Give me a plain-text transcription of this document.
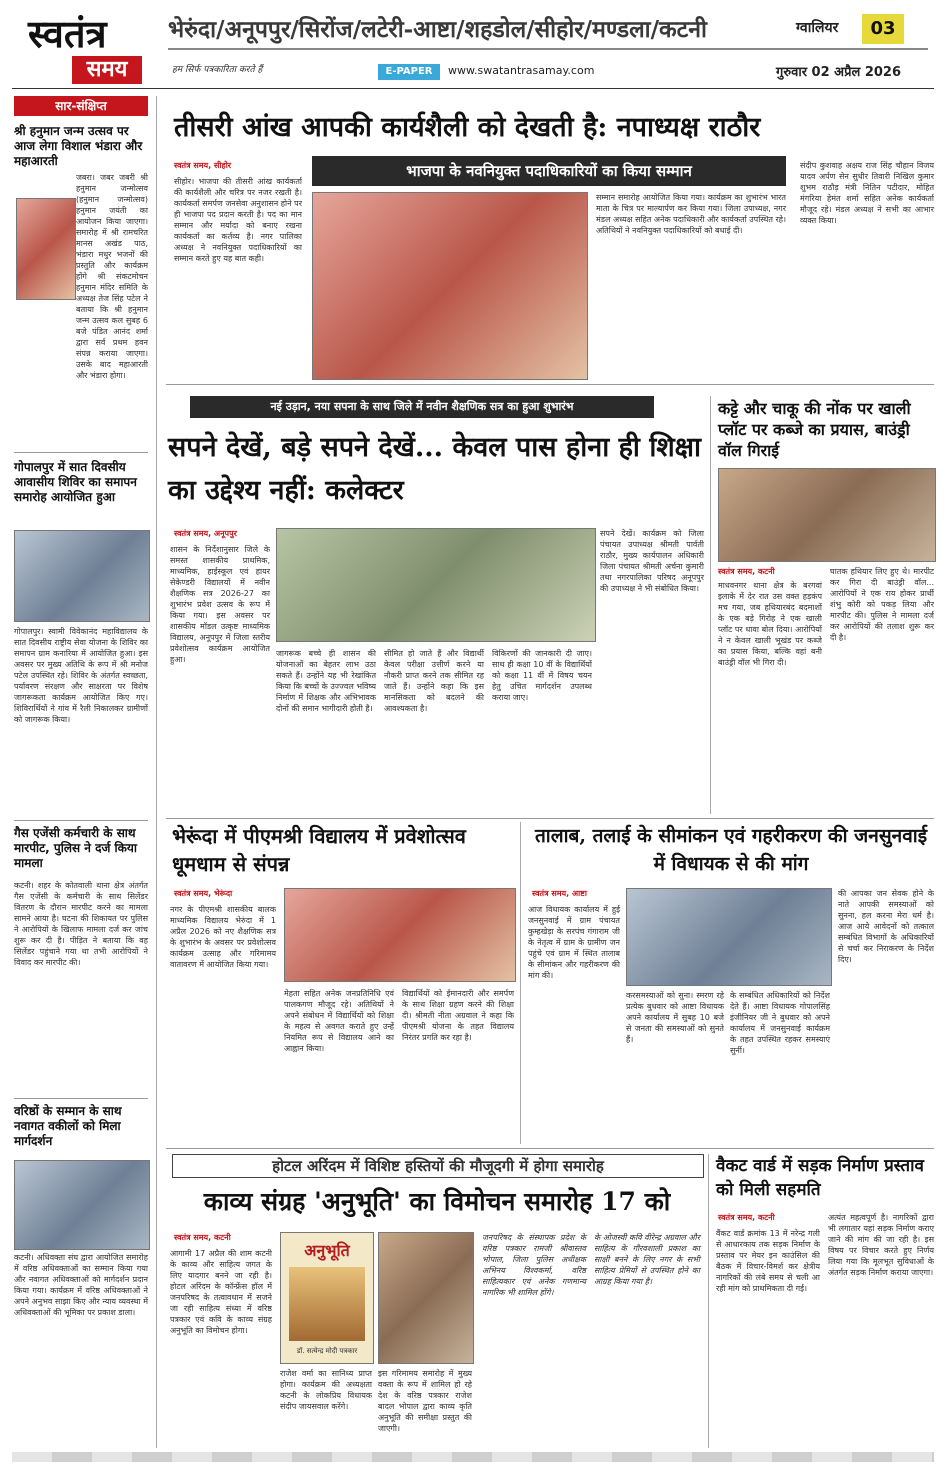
स्वतंत्र
समय
भेरुंदा/अनूपपुर/सिरोंज/लटेरी-आष्टा/शहडोल/सीहोर/मण्डला/कटनी	ग्वालियर	03
हम सिर्फ पत्रकारिता करते हैं	E-PAPER	www.swatantrasamay.com	गुरुवार 02 अप्रैल 2026
सार-संक्षिप्त
श्री हनुमान जन्म उत्सव पर आज लेगा विशाल भंडारा और महाआरती

जबरा। जबर जबरी श्री हनुमान जन्मोत्सव (हनुमान जन्मोत्सव) हनुमान जयंती का आयोजन किया जाएगा। समारोह में श्री रामचरित मानस अखंड पाठ, भंडारा मधुर भजनों की प्रस्तुति और कार्यक्रम होंगे श्री संकटमोचन हनुमान मंदिर समिति के अध्यक्ष तेज सिंह पटेल ने बताया कि श्री हनुमान जन्म उत्सव कल सुबह 6 बजे पंडित आनंद शर्मा द्वारा सर्व प्रथम हवन संपन्न कराया जाएगा। उसके बाद महाआरती और भंडारा होगा।

गोपालपुर में सात दिवसीय आवासीय शिविर का समापन समारोह आयोजित हुआ
गोपालपुर। स्वामी विवेकानंद महाविद्यालय के सात दिवसीय राष्ट्रीय सेवा योजना के शिविर का समापन ग्राम कनारिया में आयोजित हुआ। इस अवसर पर मुख्य अतिथि के रूप में श्री मनोज पटेल उपस्थित रहे। शिविर के अंतर्गत स्वच्छता, पर्यावरण संरक्षण और साक्षरता पर विशेष जागरूकता कार्यक्रम आयोजित किए गए। शिविरार्थियों ने गांव में रैली निकालकर ग्रामीणों को जागरूक किया।
गैस एजेंसी कर्मचारी के साथ मारपीट, पुलिस ने दर्ज किया मामला
कटनी। शहर के कोतवाली थाना क्षेत्र अंतर्गत गैस एजेंसी के कर्मचारी के साथ सिलेंडर वितरण के दौरान मारपीट करने का मामला सामने आया है। घटना की शिकायत पर पुलिस ने आरोपियों के खिलाफ मामला दर्ज कर जांच शुरू कर दी है। पीड़ित ने बताया कि वह सिलेंडर पहुंचाने गया था तभी आरोपियों ने विवाद कर मारपीट की।
वरिष्ठों के सम्मान के साथ नवागत वकीलों को मिला मार्गदर्शन
कटनी। अधिवक्ता संघ द्वारा आयोजित समारोह में वरिष्ठ अधिवक्ताओं का सम्मान किया गया और नवागत अधिवक्ताओं को मार्गदर्शन प्रदान किया गया। कार्यक्रम में वरिष्ठ अधिवक्ताओं ने अपने अनुभव साझा किए और न्याय व्यवस्था में अधिवक्ताओं की भूमिका पर प्रकाश डाला।
तीसरी आंख आपकी कार्यशैली को देखती है: नपाध्यक्ष राठौर
भाजपा के नवनियुक्त पदाधिकारियों का किया सम्मान
स्वतंत्र समय, सीहोर
सीहोर। भाजपा की तीसरी आंख कार्यकर्ता की कार्यशैली और चरित्र पर नजर रखती है। कार्यकर्ता समर्पण जनसेवा अनुशासन होने पर ही भाजपा पद प्रदान करती है। पद का मान सम्मान और मर्यादा को बनाए रखना कार्यकर्ता का कर्तव्य है। नगर पालिका अध्यक्ष ने नवनियुक्त पदाधिकारियों का सम्मान करते हुए यह बात कही।
सम्मान समारोह आयोजित किया गया। कार्यक्रम का शुभारंभ भारत माता के चित्र पर माल्यार्पण कर किया गया। जिला उपाध्यक्ष, नगर मंडल अध्यक्ष सहित अनेक पदाधिकारी और कार्यकर्ता उपस्थित रहे। अतिथियों ने नवनियुक्त पदाधिकारियों को बधाई दी।
संदीप कुशवाह अक्षय राज सिंह चौहान विजय यादव अर्पण सेन सुधीर तिवारी निखिल कुमार शुभम राठौड़ मंत्री नितिन पटीदार, मोहित मंगरिया हेमंत शर्मा सहित अनेक कार्यकर्ता मौजूद रहे। मंडल अध्यक्ष ने सभी का आभार व्यक्त किया।
नई उड़ान, नया सपना के साथ जिले में नवीन शैक्षणिक सत्र का हुआ शुभारंभ
सपने देखें, बड़े सपने देखें... केवल पास होना ही शिक्षा का उद्देश्य नहीं: कलेक्टर
स्वतंत्र समय, अनूपपुर
शासन के निर्देशानुसार जिले के समस्त शासकीय प्राथमिक, माध्यमिक, हाईस्कूल एवं हायर सेकेण्डरी विद्यालयों में नवीन शैक्षणिक सत्र 2026-27 का शुभारंभ प्रवेश उत्सव के रूप में किया गया। इस अवसर पर शासकीय मॉडल उत्कृष्ट माध्यमिक विद्यालय, अनूपपुर में जिला स्तरीय प्रवेशोत्सव कार्यक्रम आयोजित हुआ।
जागरूक बच्चे ही शासन की योजनाओं का बेहतर लाभ उठा सकते हैं। उन्होंने यह भी रेखांकित किया कि बच्चों के उज्ज्वल भविष्य निर्माण में शिक्षक और अभिभावक दोनों की समान भागीदारी होती है।
सीमित हो जाते हैं और विद्यार्थी केवल परीक्षा उत्तीर्ण करने या नौकरी प्राप्त करने तक सीमित रह जाते हैं। उन्होंने कहा कि इस मानसिकता को बदलने की आवश्यकता है।
विकिरणों की जानकारी दी जाए। साथ ही कक्षा 10 वीं के विद्यार्थियों को कक्षा 11 वीं में विषय चयन हेतु उचित मार्गदर्शन उपलब्ध कराया जाए।
सपने देखें। कार्यक्रम को जिला पंचायत उपाध्यक्ष श्रीमती पार्वती राठौर, मुख्य कार्यपालन अधिकारी जिला पंचायत श्रीमती अर्चना कुमारी तथा नगरपालिका परिषद अनूपपुर की उपाध्यक्ष ने भी संबोधित किया।
कट्टे और चाकू की नोंक पर खाली प्लॉट पर कब्जे का प्रयास, बाउंड्री वॉल गिराई
स्वतंत्र समय, कटनी
माधवनगर थाना क्षेत्र के बरगवां इलाके में देर रात उस वक्त हड़कंप मच गया, जब हथियारबंद बदमाशों के एक बड़े गिरोह ने एक खाली प्लॉट पर धावा बोल दिया। आरोपियों ने न केवल खाली भूखंड पर कब्जे का प्रयास किया, बल्कि वहां बनी बाउंड्री वॉल भी गिरा दी।
घातक हथियार लिए हुए थे। मारपीट कर गिरा दी बाउंड्री वॉल... आरोपियों ने एक राय होकर प्रार्थी शंभु कोरी को पकड़ लिया और मारपीट की। पुलिस ने मामला दर्ज कर आरोपियों की तलाश शुरू कर दी है।
भेरूंदा में पीएमश्री विद्यालय में प्रवेशोत्सव धूमधाम से संपन्न
स्वतंत्र समय, भेरूंदा
नगर के पीएमश्री शासकीय बालक माध्यमिक विद्यालय भेरुंदा में 1 अप्रैल 2026 को नए शैक्षणिक सत्र के शुभारंभ के अवसर पर प्रवेशोत्सव कार्यक्रम उत्साह और गरिमामय वातावरण में आयोजित किया गया।
मेहता सहित अनेक जनप्रतिनिधि एवं पालकगण मौजूद रहे। अतिथियों ने अपने संबोधन में विद्यार्थियों को शिक्षा के महत्व से अवगत कराते हुए उन्हें नियमित रूप से विद्यालय आने का आह्वान किया।
विद्यार्थियों को ईमानदारी और समर्पण के साथ शिक्षा ग्रहण करने की शिक्षा दी। श्रीमती नीता अग्रवाल ने कहा कि पीएमश्री योजना के तहत विद्यालय निरंतर प्रगति कर रहा है।
तालाब, तलाई के सीमांकन एवं गहरीकरण की जनसुनवाई में विधायक से की मांग
स्वतंत्र समय, आष्टा
आज विधायक कार्यालय में हुई जनसुनवाई में ग्राम पंचायत कुम्हखेड़ा के सरपंच गंगाराम जी के नेतृत्व में ग्राम के ग्रामीण जन पहुंचे एवं ग्राम में स्थित तालाब के सीमांकन और गहरीकरण की मांग की।
करसमस्याओं को सुना। स्मरण रहे प्रत्येक बुधवार को आष्टा विधायक अपने कार्यालय में सुबह 10 बजे से जनता की समस्याओं को सुनते हैं।
के सम्बंधित अधिकारियों को निर्देश देते हैं। आष्टा विधायक गोपालसिंह इंजीनियर जी ने बुधवार को अपने कार्यालय में जनसुनवाई कार्यक्रम के तहत उपस्थित रहकर समस्याएं सुनीं।
की आपका जन सेवक होने के नाते आपकी समस्याओं को सुनना, हल करना मेरा धर्म है। आज आये आवेदनों को तत्काल सम्बंधित विभागों के अधिकारियों से चर्चा कर निराकरण के निर्देश दिए।
होटल अरिंदम में विशिष्ट हस्तियों की मौजूदगी में होगा समारोह
काव्य संग्रह 'अनुभूति' का विमोचन समारोह 17 को
स्वतंत्र समय, कटनी
आगामी 17 अप्रैल की शाम कटनी के काव्य और साहित्य जगत के लिए यादगार बनने जा रही है। होटल अरिंदम के कॉन्फ्रेंस हॉल में जनपरिषद के तत्वावधान में सजने जा रही साहित्य संध्या में वरिष्ठ पत्रकार एवं कवि के काव्य संग्रह अनुभूति का विमोचन होगा।
अनुभूति
डॉ. सत्येन्द्र मोदी पत्रकार
राजेश वर्मा का सानिध्य प्राप्त होगा। कार्यक्रम की अध्यक्षता कटनी के लोकप्रिय विधायक संदीप जायसवाल करेंगे।
इस गरिमामय समारोह में मुख्य वक्ता के रूप में शामिल हो रहे देश के वरिष्ठ पत्रकार राजेश बादल भोपाल द्वारा काव्य कृति अनुभूति की समीक्षा प्रस्तुत की जाएगी।
जनपरिषद के संस्थापक प्रदेश के वरिष्ठ पत्रकार रामजी श्रीवास्तव भोपाल, जिला पुलिस अधीक्षक अभिनय विश्वकर्मा, वरिष्ठ साहित्यकार एवं अनेक गणमान्य नागरिक भी शामिल होंगे।
के ओजस्वी कवि वीरेन्द्र अग्रवाल और साहित्य के गौरवशाली प्रकाश का साक्षी बनने के लिए नगर के सभी साहित्य प्रेमियों से उपस्थित होने का आग्रह किया गया है।
वैकट वार्ड में सड़क निर्माण प्रस्ताव को मिली सहमति
स्वतंत्र समय, कटनी
वैंकट वार्ड क्रमांक 13 में नरेन्द्र गली से आधारकाय तक सड़क निर्माण के प्रस्ताव पर मेयर इन काउंसिल की बैठक में विचार-विमर्श कर क्षेत्रीय नागरिकों की लंबे समय से चली आ रही मांग को प्राथमिकता दी गई।
अत्यंत महत्वपूर्ण है। नागरिकों द्वारा भी लगातार यहां सड़क निर्माण कराए जाने की मांग की जा रही है। इस विषय पर विचार करते हुए निर्णय लिया गया कि मूलभूत सुविधाओं के अंतर्गत सड़क निर्माण कराया जाएगा।
